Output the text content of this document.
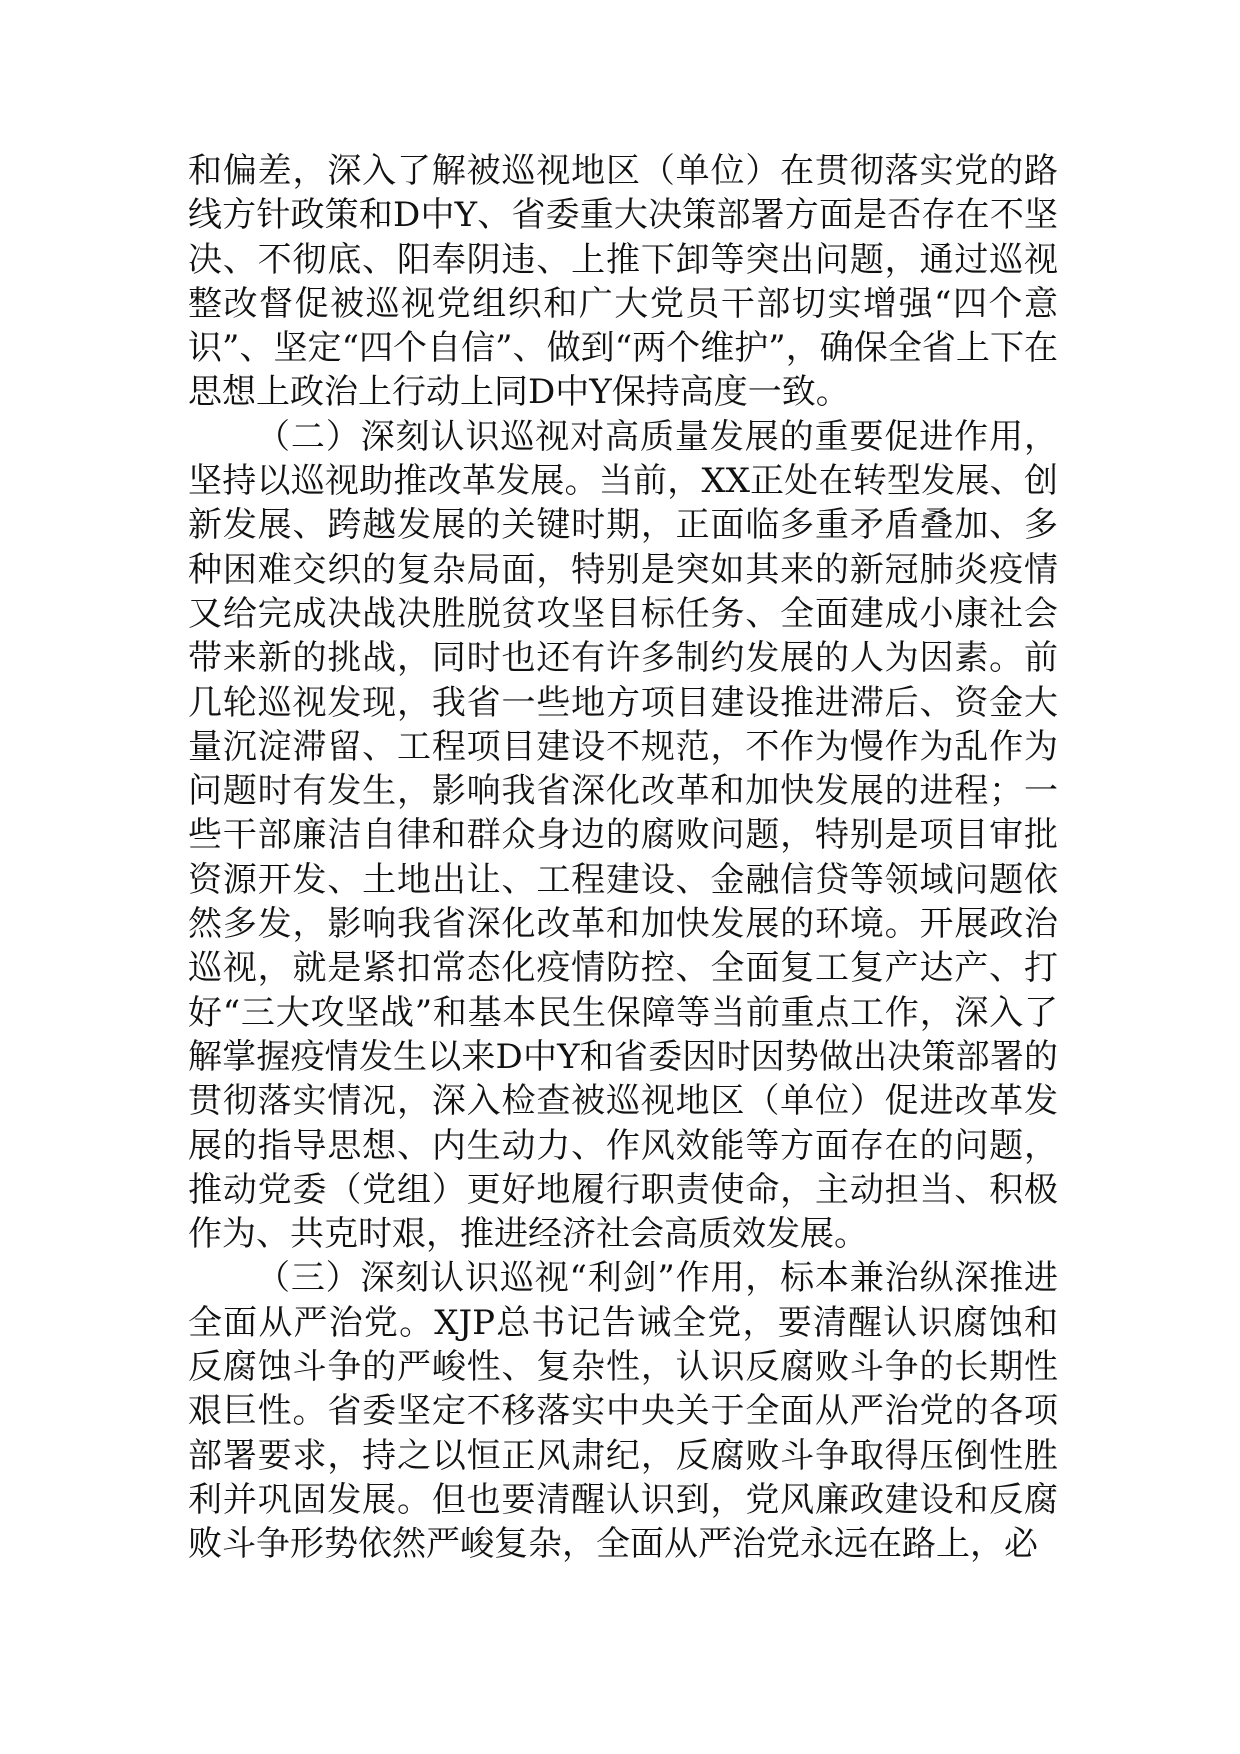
和偏差，深入了解被巡视地区（单位）在贯彻落实党的路线方针政策和D中Y、省委重大决策部署方面是否存在不坚决、不彻底、阳奉阴违、上推下卸等突出问题，通过巡视整改督促被巡视党组织和广大党员干部切实增强“四个意识”、坚定“四个自信”、做到“两个维护”，确保全省上下在思想上政治上行动上同D中Y保持高度一致。

（二）深刻认识巡视对高质量发展的重要促进作用，坚持以巡视助推改革发展。当前，XX正处在转型发展、创新发展、跨越发展的关键时期，正面临多重矛盾叠加、多种困难交织的复杂局面，特别是突如其来的新冠肺炎疫情又给完成决战决胜脱贫攻坚目标任务、全面建成小康社会带来新的挑战，同时也还有许多制约发展的人为因素。前几轮巡视发现，我省一些地方项目建设推进滞后、资金大量沉淀滞留、工程项目建设不规范，不作为慢作为乱作为问题时有发生，影响我省深化改革和加快发展的进程；一些干部廉洁自律和群众身边的腐败问题，特别是项目审批资源开发、土地出让、工程建设、金融信贷等领域问题依然多发，影响我省深化改革和加快发展的环境。开展政治巡视，就是紧扣常态化疫情防控、全面复工复产达产、打好“三大攻坚战”和基本民生保障等当前重点工作，深入了解掌握疫情发生以来D中Y和省委因时因势做出决策部署的贯彻落实情况，深入检查被巡视地区（单位）促进改革发展的指导思想、内生动力、作风效能等方面存在的问题，推动党委（党组）更好地履行职责使命，主动担当、积极作为、共克时艰，推进经济社会高质效发展。

（三）深刻认识巡视“利剑”作用，标本兼治纵深推进全面从严治党。XJP总书记告诫全党，要清醒认识腐蚀和反腐蚀斗争的严峻性、复杂性，认识反腐败斗争的长期性艰巨性。省委坚定不移落实中央关于全面从严治党的各项部署要求，持之以恒正风肃纪，反腐败斗争取得压倒性胜利并巩固发展。但也要清醒认识到，党风廉政建设和反腐败斗争形势依然严峻复杂，全面从严治党永远在路上，必
